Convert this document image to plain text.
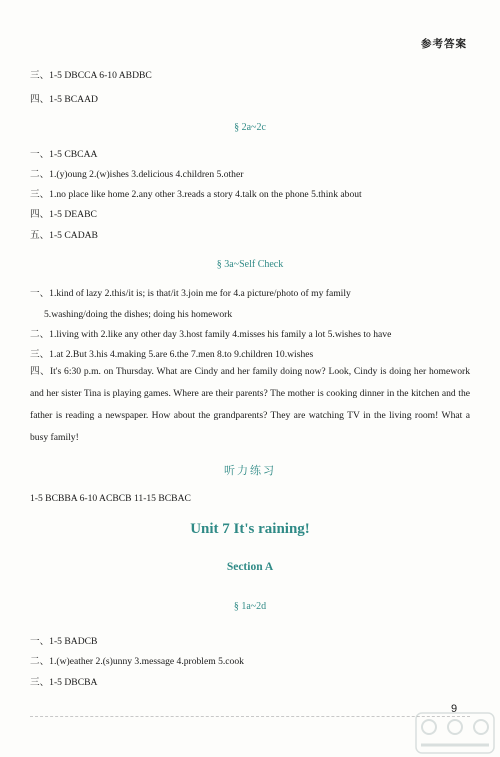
参考答案
三、1-5 DBCCA 6-10 ABDBC
四、1-5 BCAAD
§ 2a~2c
一、1-5 CBCAA
二、1.(y)oung 2.(w)ishes 3.delicious 4.children 5.other
三、1.no place like home 2.any other 3.reads a story 4.talk on the phone 5.think about
四、1-5 DEABC
五、1-5 CADAB
§ 3a~Self Check
一、1.kind of lazy 2.this/it is; is that/it 3.join me for 4.a picture/photo of my family
5.washing/doing the dishes; doing his homework
二、1.living with 2.like any other day 3.host family 4.misses his family a lot 5.wishes to have
三、1.at 2.But 3.his 4.making 5.are 6.the 7.men 8.to 9.children 10.wishes
四、It's 6:30 p.m. on Thursday. What are Cindy and her family doing now? Look, Cindy is doing her homework and her sister Tina is playing games. Where are their parents? The mother is cooking dinner in the kitchen and the father is reading a newspaper. How about the grandparents? They are watching TV in the living room! What a busy family!
听力练习
1-5 BCBBA 6-10 ACBCB 11-15 BCBAC
Unit 7 It's raining!
Section A
§ 1a~2d
一、1-5 BADCB
二、1.(w)eather 2.(s)unny 3.message 4.problem 5.cook
三、1-5 DBCBA
9
